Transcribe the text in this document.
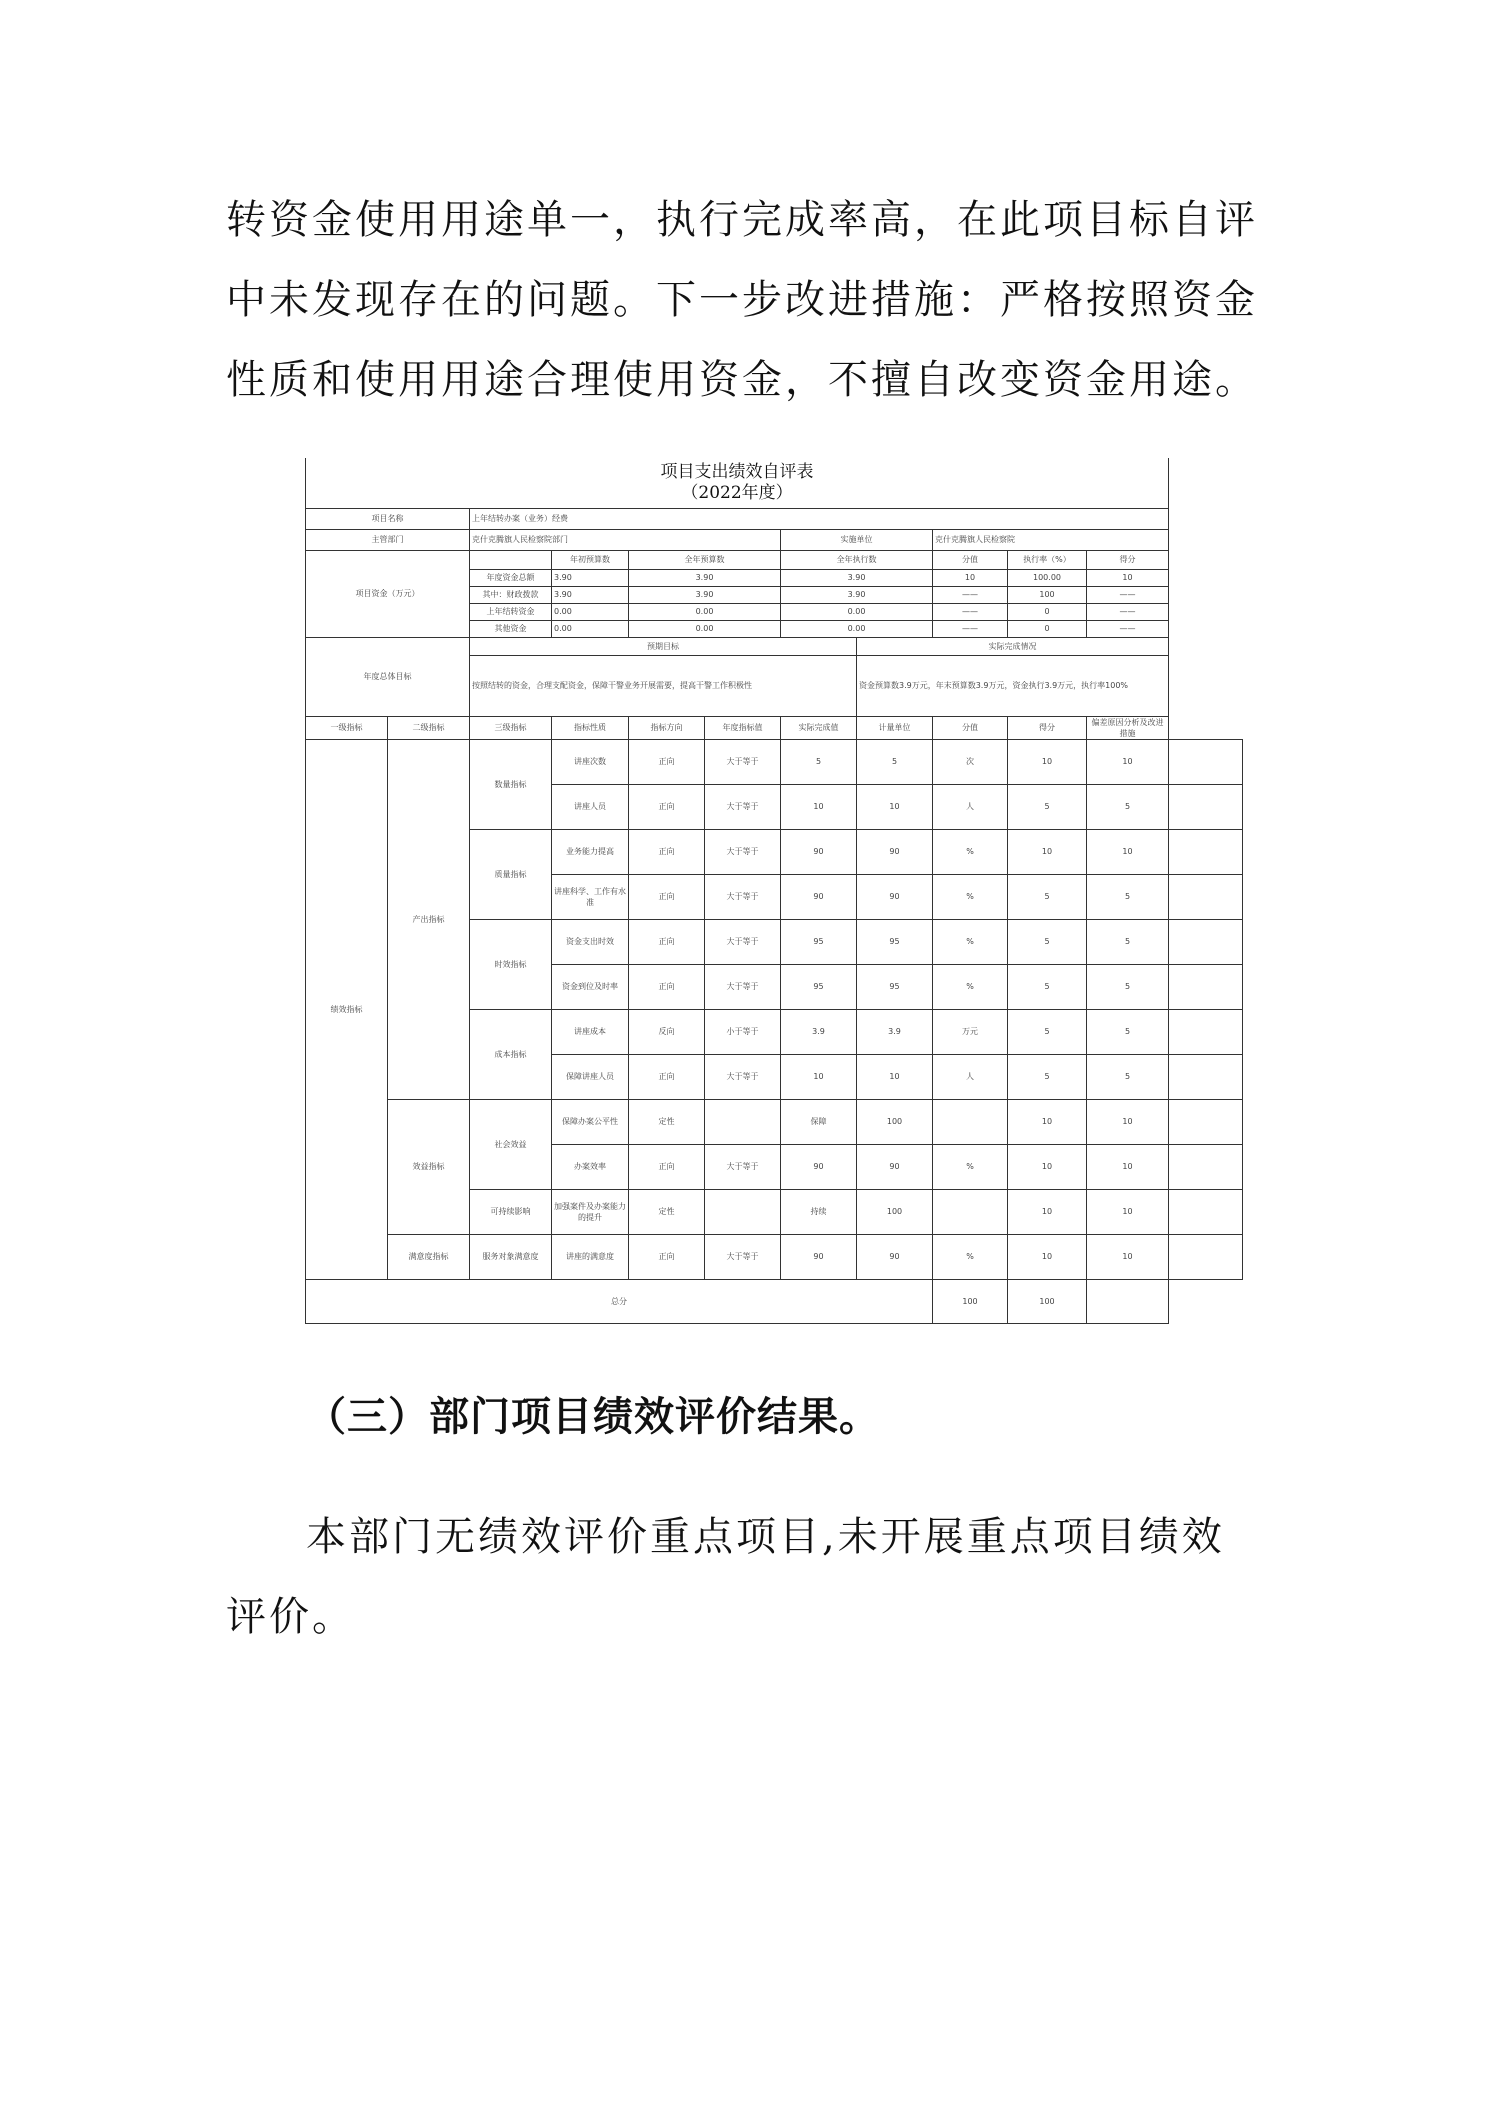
转资金使用用途单一，执行完成率高，在此项目标自评中未发现存在的问题。下一步改进措施：严格按照资金性质和使用用途合理使用资金，不擅自改变资金用途。

项目支出绩效自评表
（2022年度）											

项目名称		上年结转办案（业务）经费									
主管部门		克什克腾旗人民检察院部门				实施单位		克什克腾旗人民检察院			
项目资金（万元）			年初预算数	全年预算数		全年执行数		分值	执行率（%）	得分	
		年度资金总额	3.90	3.90		3.90		10	100.00	10	
		其中：财政拨款	3.90	3.90		3.90		——	100	——	
		上年结转资金	0.00	0.00		0.00		——	0	——	
		其他资金	0.00	0.00		0.00		——	0	——	
年度总体目标		预期目标					实际完成情况				
		按照结转的资金，合理支配资金，保障干警业务开展需要，提高干警工作积极性					资金预算数3.9万元，年末预算数3.9万元，资金执行3.9万元，执行率100%				
一级指标	二级指标	三级指标	指标性质	指标方向	年度指标值	实际完成值	计量单位	分值	得分	偏差原因分析及改进措施	
绩效指标	产出指标	数量指标	讲座次数	正向	大于等于	5	5	次	10	10	
			讲座人员	正向	大于等于	10	10	人	5	5	
		质量指标	业务能力提高	正向	大于等于	90	90	%	10	10	
			讲座科学、工作有水准	正向	大于等于	90	90	%	5	5	
		时效指标	资金支出时效	正向	大于等于	95	95	%	5	5	
			资金到位及时率	正向	大于等于	95	95	%	5	5	
		成本指标	讲座成本	反向	小于等于	3.9	3.9	万元	5	5	
			保障讲座人员	正向	大于等于	10	10	人	5	5	
	效益指标	社会效益	保障办案公平性	定性		保障	100		10	10	
			办案效率	正向	大于等于	90	90	%	10	10	
		可持续影响	加强案件及办案能力的提升	定性		持续	100		10	10	
	满意度指标	服务对象满意度	讲座的满意度	正向	大于等于	90	90	%	10	10	
总分								100	100		

（三）部门项目绩效评价结果。

本部门无绩效评价重点项目,未开展重点项目绩效评价。
